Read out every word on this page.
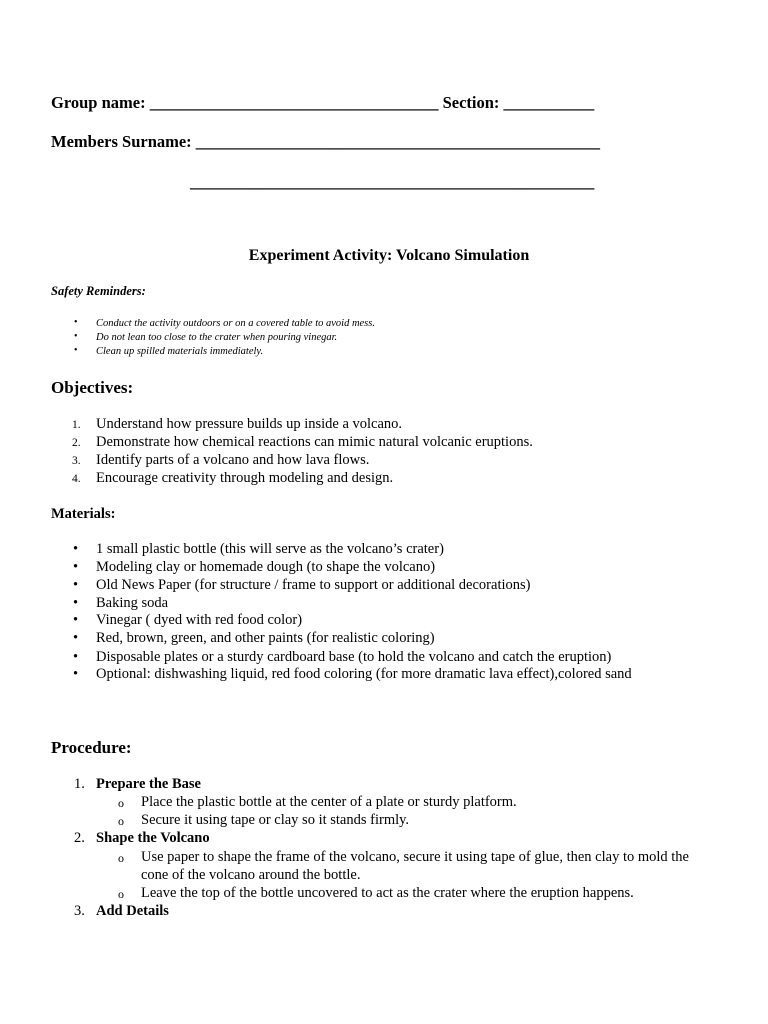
Group name: ___________________________________ Section: ___________
Members Surname: _________________________________________________
_________________________________________________
Experiment Activity: Volcano Simulation
Safety Reminders:
• Conduct the activity outdoors or on a covered table to avoid mess.
• Do not lean too close to the crater when pouring vinegar.
• Clean up spilled materials immediately.
Objectives:
1. Understand how pressure builds up inside a volcano.
2. Demonstrate how chemical reactions can mimic natural volcanic eruptions.
3. Identify parts of a volcano and how lava flows.
4. Encourage creativity through modeling and design.
Materials:
• 1 small plastic bottle (this will serve as the volcano’s crater)
• Modeling clay or homemade dough (to shape the volcano)
• Old News Paper (for structure / frame to support or additional decorations)
• Baking soda
• Vinegar ( dyed with red food color)
• Red, brown, green, and other paints (for realistic coloring)
• Disposable plates or a sturdy cardboard base (to hold the volcano and catch the eruption)
• Optional: dishwashing liquid, red food coloring (for more dramatic lava effect),colored sand
Procedure:
1. Prepare the Base
o Place the plastic bottle at the center of a plate or sturdy platform.
o Secure it using tape or clay so it stands firmly.
2. Shape the Volcano
o Use paper to shape the frame of the volcano, secure it using tape of glue, then clay to mold the
cone of the volcano around the bottle.
o Leave the top of the bottle uncovered to act as the crater where the eruption happens.
3. Add Details
